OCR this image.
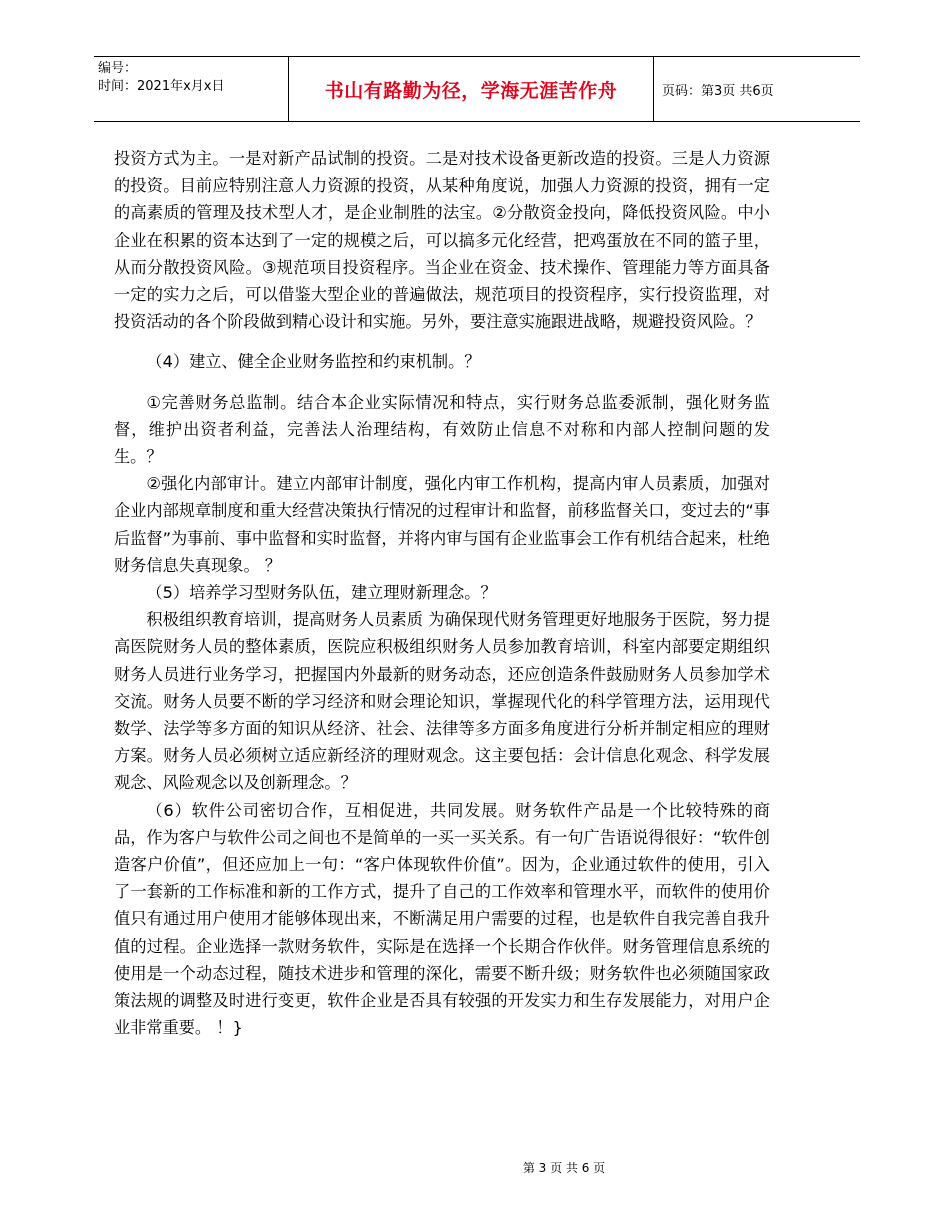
编号：
时间：2021年x月x日	书山有路勤为径，学海无涯苦作舟	页码：第3页 共6页

投资方式为主。一是对新产品试制的投资。二是对技术设备更新改造的投资。三是人力资源的投资。目前应特别注意人力资源的投资，从某种角度说，加强人力资源的投资，拥有一定的高素质的管理及技术型人才，是企业制胜的法宝。②分散资金投向，降低投资风险。中小企业在积累的资本达到了一定的规模之后，可以搞多元化经营，把鸡蛋放在不同的篮子里，从而分散投资风险。③规范项目投资程序。当企业在资金、技术操作、管理能力等方面具备一定的实力之后，可以借鉴大型企业的普遍做法，规范项目的投资程序，实行投资监理，对投资活动的各个阶段做到精心设计和实施。另外，要注意实施跟进战略，规避投资风险。？

（4）建立、健全企业财务监控和约束机制。？

①完善财务总监制。结合本企业实际情况和特点，实行财务总监委派制，强化财务监督，维护出资者利益，完善法人治理结构，有效防止信息不对称和内部人控制问题的发生。？

②强化内部审计。建立内部审计制度，强化内审工作机构，提高内审人员素质，加强对企业内部规章制度和重大经营决策执行情况的过程审计和监督，前移监督关口，变过去的“事后监督”为事前、事中监督和实时监督，并将内审与国有企业监事会工作有机结合起来，杜绝财务信息失真现象。 ？

（5）培养学习型财务队伍，建立理财新理念。？

积极组织教育培训，提高财务人员素质 为确保现代财务管理更好地服务于医院，努力提高医院财务人员的整体素质，医院应积极组织财务人员参加教育培训，科室内部要定期组织财务人员进行业务学习，把握国内外最新的财务动态，还应创造条件鼓励财务人员参加学术交流。财务人员要不断的学习经济和财会理论知识，掌握现代化的科学管理方法，运用现代数学、法学等多方面的知识从经济、社会、法律等多方面多角度进行分析并制定相应的理财方案。财务人员必须树立适应新经济的理财观念。这主要包括：会计信息化观念、科学发展观念、风险观念以及创新理念。？

（6）软件公司密切合作，互相促进，共同发展。财务软件产品是一个比较特殊的商品，作为客户与软件公司之间也不是简单的一买一买关系。有一句广告语说得很好：“软件创造客户价值”，但还应加上一句：“客户体现软件价值”。因为，企业通过软件的使用，引入了一套新的工作标准和新的工作方式，提升了自己的工作效率和管理水平，而软件的使用价值只有通过用户使用才能够体现出来，不断满足用户需要的过程，也是软件自我完善自我升值的过程。企业选择一款财务软件，实际是在选择一个长期合作伙伴。财务管理信息系统的使用是一个动态过程，随技术进步和管理的深化，需要不断升级；财务软件也必须随国家政策法规的调整及时进行变更，软件企业是否具有较强的开发实力和生存发展能力，对用户企业非常重要。 ！}

第 3 页 共 6 页
